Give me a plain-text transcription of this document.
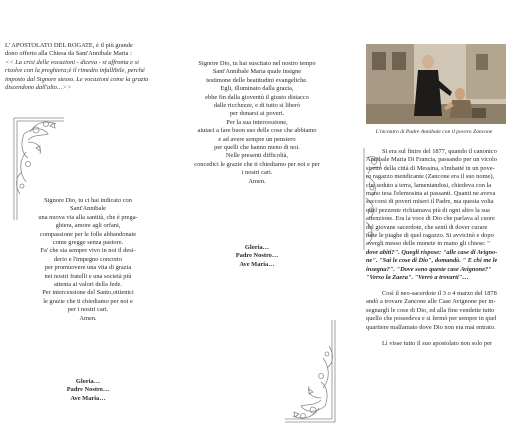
L' APOSTOLATO DEL ROGATE, è il più grande
dono offerto alla Chiesa da Sant'Annibale Maria :
<< La crisi delle vocazioni - diceva - si affronta e si
risolve con la preghiera;è il rimedio infallibile, perché
imposto dal Signore stesso. Le vocazioni come la grazia
discendono dall'alto…>>
Signore Dio, tu ci hai indicato con
Sant'Annibale
una nuova via alla santità, che è prega-
ghiera, amore agli orfani,
compassione per le folle abbandonate
come gregge senza pastore.
Fa' che sia sempre vivo in noi il desi-
derio e l'impegno concreto
per promuovere una vita di grazia
nei nostri fratelli e una società più
attenta ai valori della fede.
Per intercessione del Santo,ottienici
le grazie che ti chiediamo per noi e
per i nostri cari.
Amen.
Gloria…
Padre Nostro…
Ave Maria…
Signore Dio, tu hai suscitato nel nostro tempo
Sant'Annibale Maria quale insigne
testimone delle beatitudini evangeliche.
Egli, illuminato dalla grazia,
ebbe fin dalla gioventù il giusto distacco
dalle ricchezze, e di tutto si liberò
per donarsi ai poveri.
Per la sua intercessione,
aiutaci a fare buon uso delle cose che abbiamo
e ad avere sempre un pensiero
per quelli che hanno meno di noi.
Nelle presenti difficoltà,
concedici le grazie che ti chiediamo per noi e per
i nostri cari.
Amen.
Gloria…
Padre Nostro…
Ave Maria…
L'incontro di Padre Annibale con il povero Zancone
Si era sul finire del 1877, quando il canonico
Annibale Maria Di Francia, passando per un vicolo
stretto della città di Messina, s'imbatté in un pove-
ro ragazzo mendicante (Zancone era il suo nome),
che seduto a terra, lamentandosi, chiedeva con la
mano tesa l'elemosina ai passanti. Quanti ne aveva
soccorsi di poveri miseri il Padre, ma questa volta
quel pezzente richiamava più di ogni altro la sua
attenzione. Era la voce di Dio che parlava al cuore
del giovane sacerdote, che sentì di dover curare
tutte le piaghe di quel ragazzo. Si avvicinò e dopo
avergli messo delle monete in mano gli chiese: "
dove abiti?". Quegli rispose: "alle case di Avigno-
ne". "Sai le cose di Dio", domandò. " E chi me le
insegna?". "Dove sono queste case Avignone?"
"Verso la Zaera". "Verrò a trovarti"…
Così il neo-sacerdote il 3 o 4 marzo del 1878
andò a trovare Zancone alle Case Avignone per in-
segnargli le cose di Dio, ed alla fine vendette tutto
quello che possedeva e si fermò per sempre in quel
quartiere malfamato dove Dio non era mai entrato.
Lì visse tutto il suo apostolato non solo per
